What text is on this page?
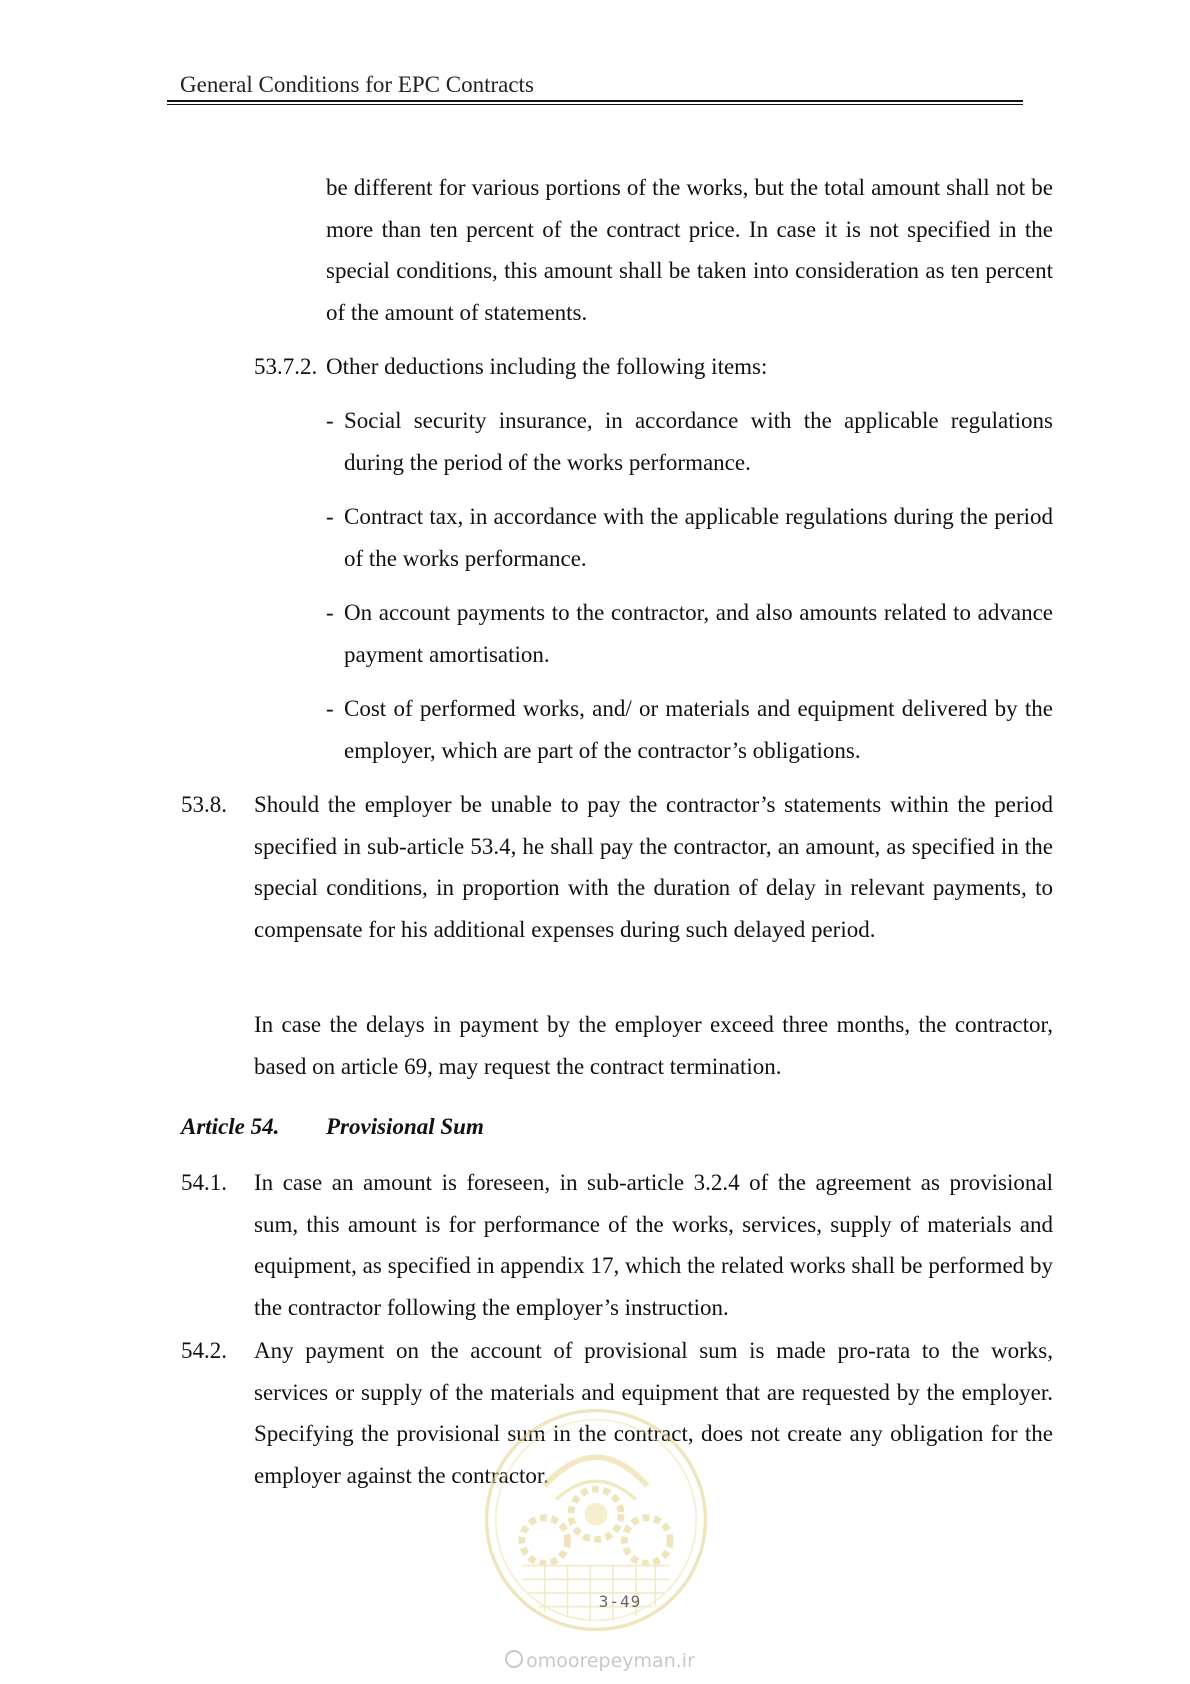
General Conditions for EPC Contracts
be different for various portions of the works, but the total amount shall not be more than ten percent of the contract price. In case it is not specified in the special conditions, this amount shall be taken into consideration as ten percent of the amount of statements.
53.7.2. Other deductions including the following items:
- Social security insurance, in accordance with the applicable regulations during the period of the works performance.
- Contract tax, in accordance with the applicable regulations during the period of the works performance.
- On account payments to the contractor, and also amounts related to advance payment amortisation.
- Cost of performed works, and/ or materials and equipment delivered by the employer, which are part of the contractor’s obligations.
53.8. Should the employer be unable to pay the contractor’s statements within the period specified in sub-article 53.4, he shall pay the contractor, an amount, as specified in the special conditions, in proportion with the duration of delay in relevant payments, to compensate for his additional expenses during such delayed period.
In case the delays in payment by the employer exceed three months, the contractor, based on article 69, may request the contract termination.
Article 54. Provisional Sum
54.1. In case an amount is foreseen, in sub-article 3.2.4 of the agreement as provisional sum, this amount is for performance of the works, services, supply of materials and equipment, as specified in appendix 17, which the related works shall be performed by the contractor following the employer’s instruction.
54.2. Any payment on the account of provisional sum is made pro-rata to the works, services or supply of the materials and equipment that are requested by the employer. Specifying the provisional sum in the contract, does not create any obligation for the employer against the contractor.
3-49
omoorepeyman.ir
